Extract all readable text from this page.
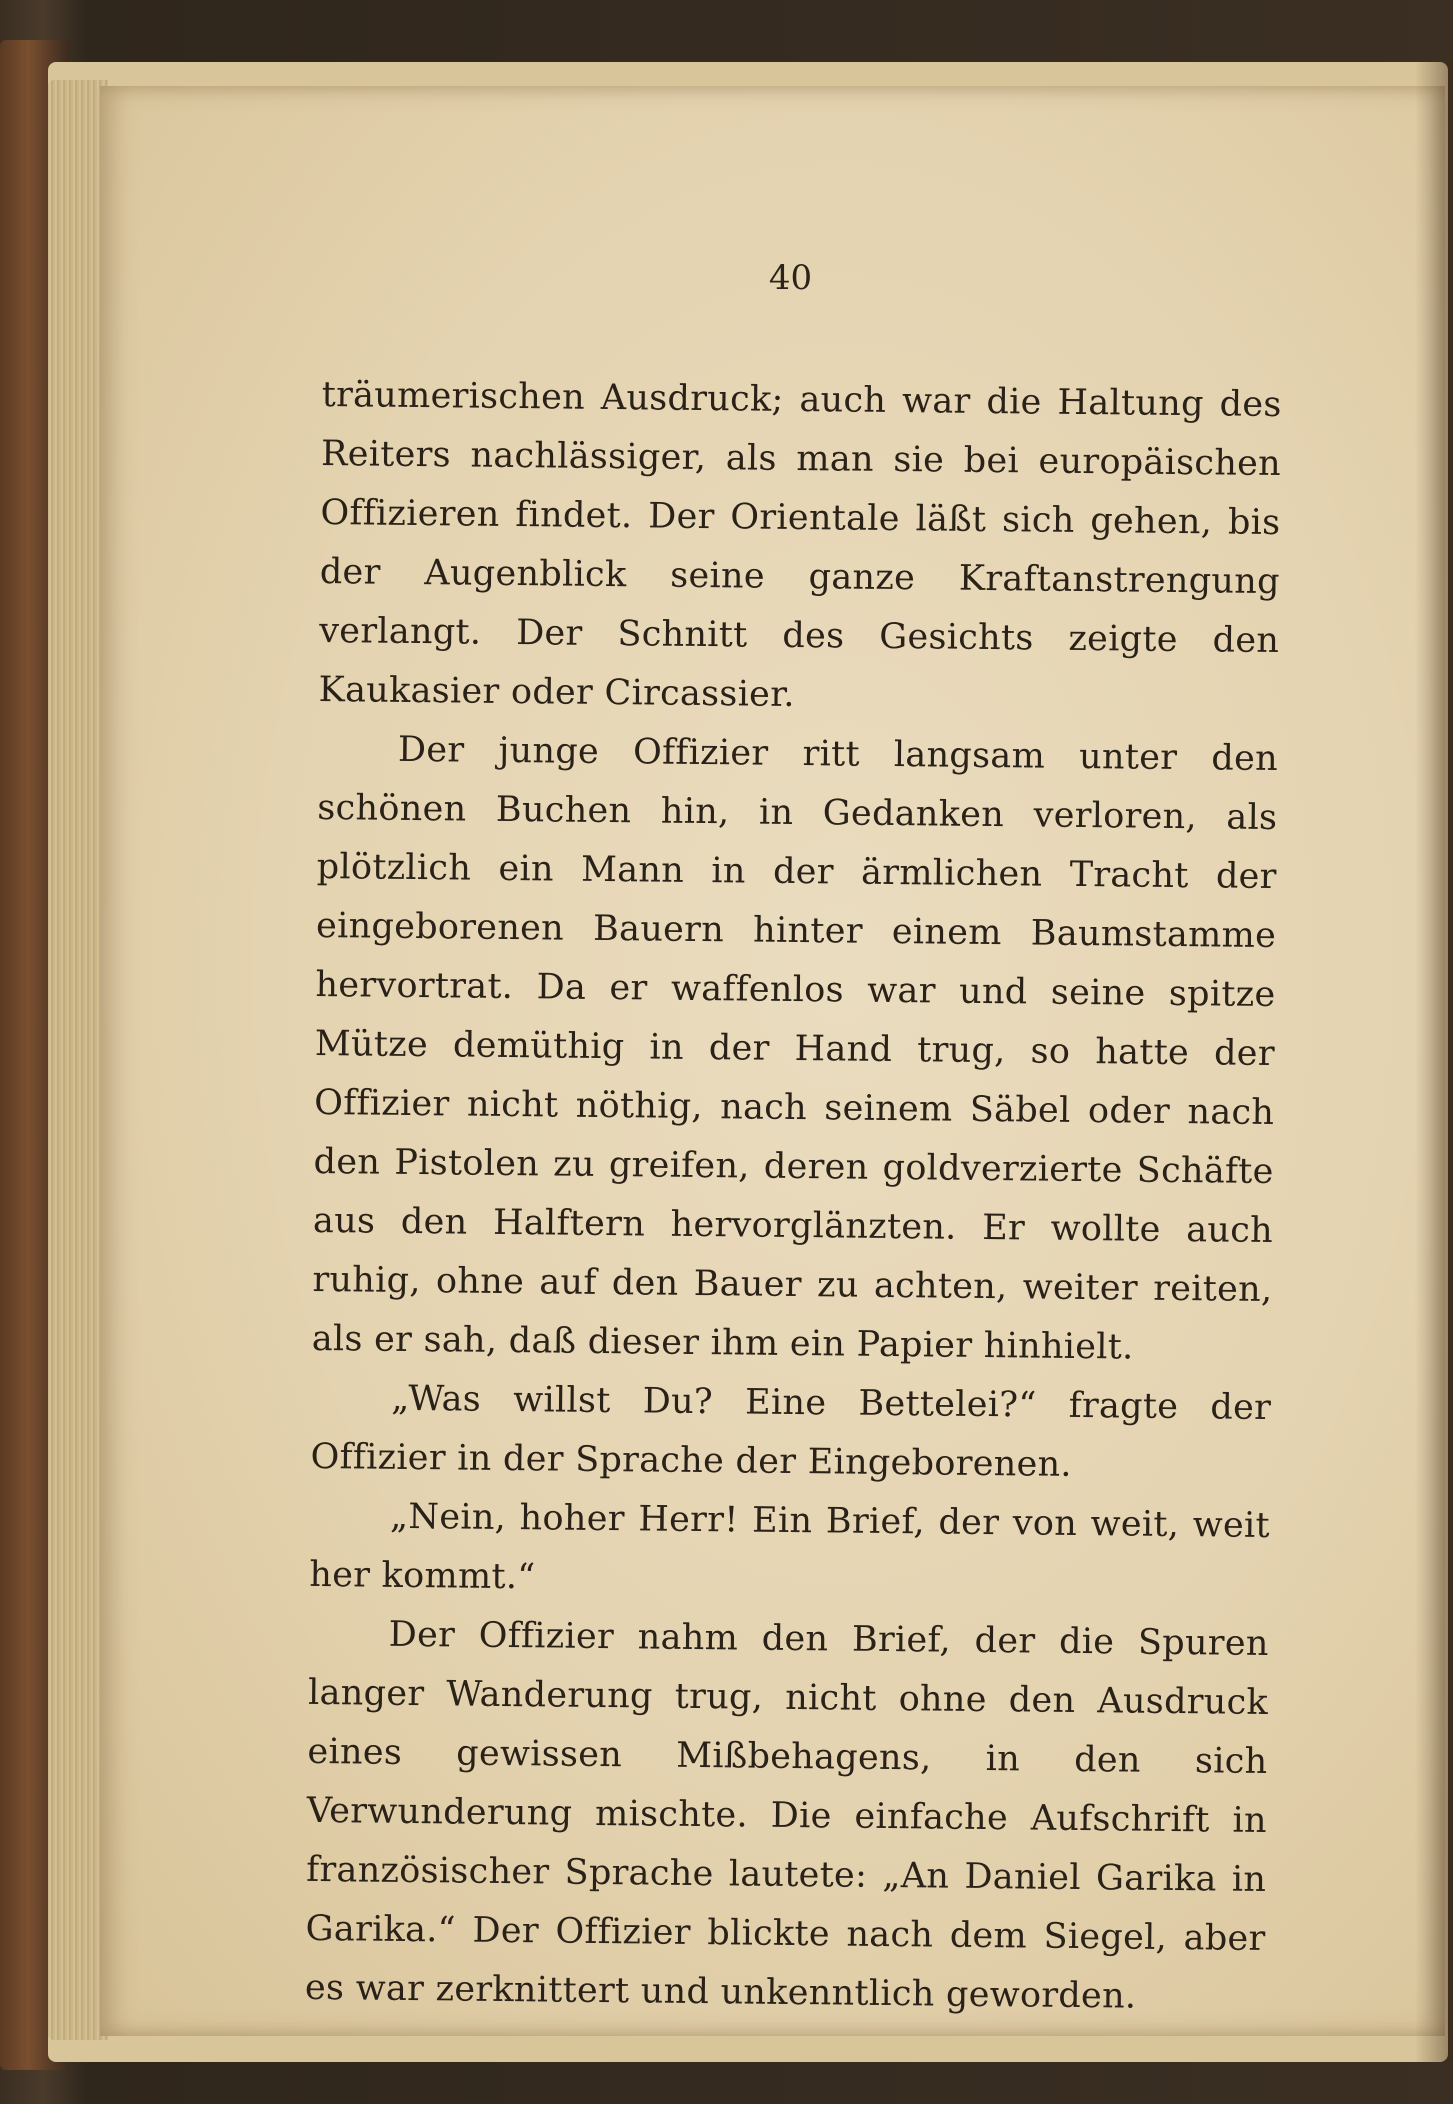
40

träumerischen Ausdruck; auch war die Haltung des Reiters nachlässiger, als man sie bei europäischen Offizieren findet. Der Orientale läßt sich gehen, bis der Augenblick seine ganze Kraftanstrengung verlangt. Der Schnitt des Gesichts zeigte den Kaukasier oder Circassier.

Der junge Offizier ritt langsam unter den schönen Buchen hin, in Gedanken verloren, als plötzlich ein Mann in der ärmlichen Tracht der eingeborenen Bauern hinter einem Baumstamme hervortrat. Da er waffenlos war und seine spitze Mütze demüthig in der Hand trug, so hatte der Offizier nicht nöthig, nach seinem Säbel oder nach den Pistolen zu greifen, deren goldverzierte Schäfte aus den Halftern hervorglänzten. Er wollte auch ruhig, ohne auf den Bauer zu achten, weiter reiten, als er sah, daß dieser ihm ein Papier hinhielt.

„Was willst Du? Eine Bettelei?“ fragte der Offizier in der Sprache der Eingeborenen.

„Nein, hoher Herr! Ein Brief, der von weit, weit her kommt.“

Der Offizier nahm den Brief, der die Spuren langer Wanderung trug, nicht ohne den Ausdruck eines gewissen Mißbehagens, in den sich Verwunderung mischte. Die einfache Aufschrift in französischer Sprache lautete: „An Daniel Garika in Garika.“ Der Offizier blickte nach dem Siegel, aber es war zerknittert und unkenntlich geworden.
